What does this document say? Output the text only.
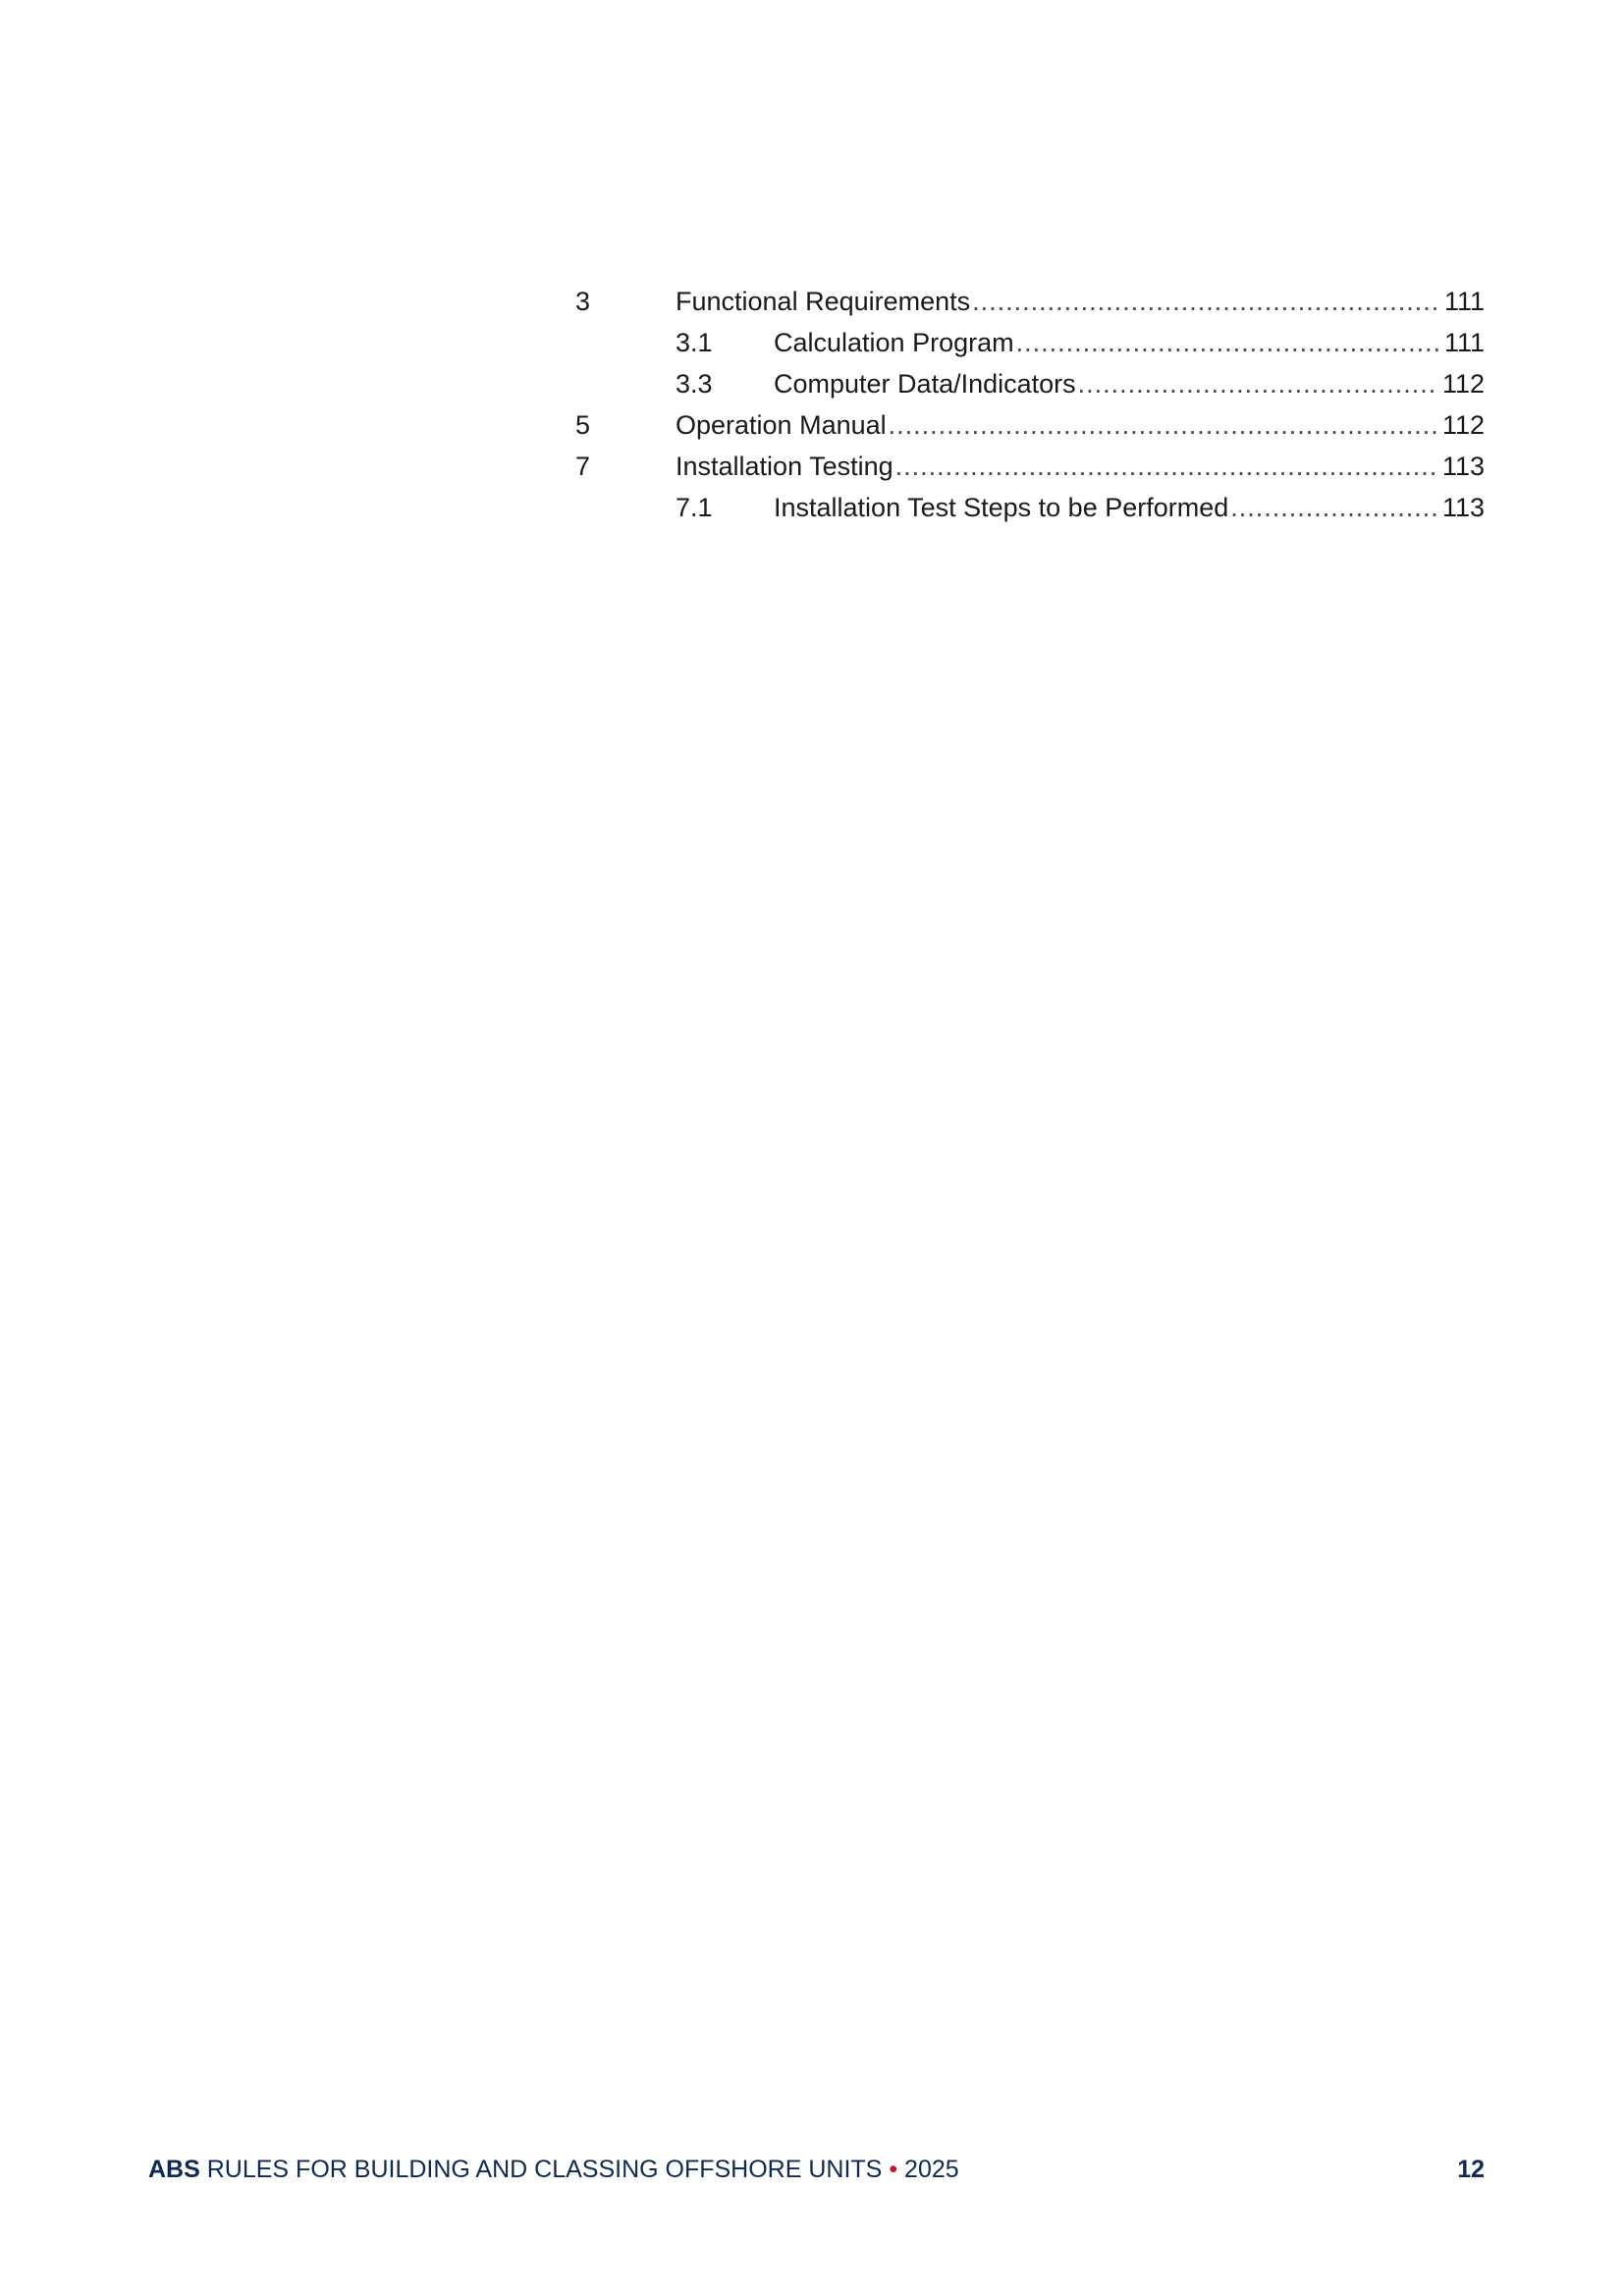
3	Functional Requirements .....	111
3.1	Calculation Program .....	111
3.3	Computer Data/Indicators .....	112
5	Operation Manual .....	112
7	Installation Testing .....	113
7.1	Installation Test Steps to be Performed .....	113
ABS RULES FOR BUILDING AND CLASSING OFFSHORE UNITS • 2025	12
